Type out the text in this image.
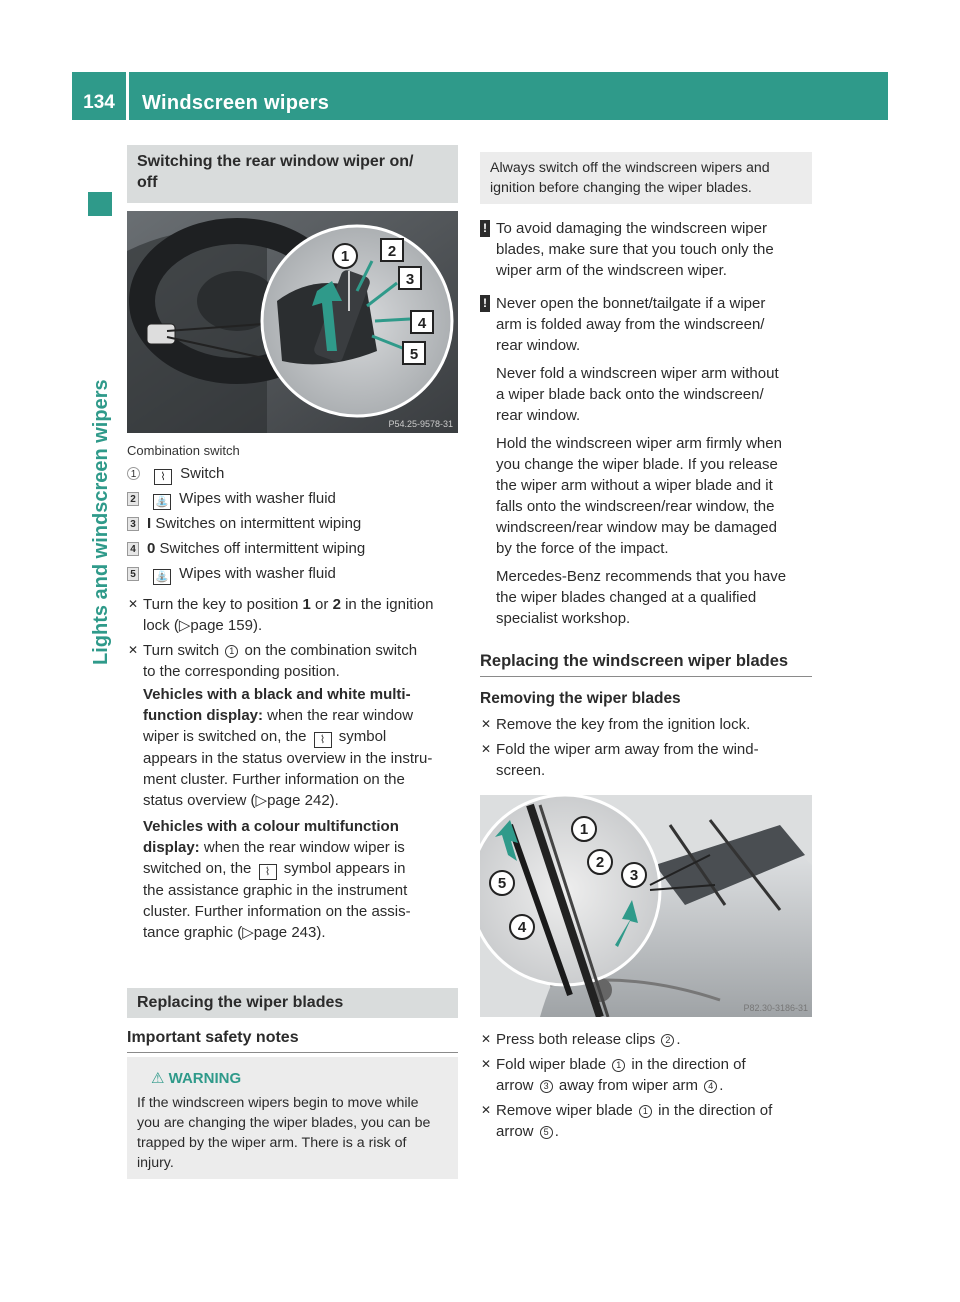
134	Windscreen wipers
Lights and windscreen wipers
Switching the rear window wiper on/
off
1	2
3
4
5
P54.25-9578-31
Combination switch
1 ⌇ Switch
2 ⛲ Wipes with washer fluid
3 I Switches on intermittent wiping
4 0 Switches off intermittent wiping
5 ⛲ Wipes with washer fluid
✕ Turn the key to position 1 or 2 in the ignition
lock (▷page 159).
✕ Turn switch 1 on the combination switch
to the corresponding position.
Vehicles with a black and white multi-
function display: when the rear window
wiper is switched on, the ⌇ symbol
appears in the status overview in the instru-
ment cluster. Further information on the
status overview (▷page 242).
Vehicles with a colour multifunction
display: when the rear window wiper is
switched on, the ⌇ symbol appears in
the assistance graphic in the instrument
cluster. Further information on the assis-
tance graphic (▷page 243).
Replacing the wiper blades
Important safety notes
⚠ WARNING
If the windscreen wipers begin to move while
you are changing the wiper blades, you can be
trapped by the wiper arm. There is a risk of
injury.
Always switch off the windscreen wipers and
ignition before changing the wiper blades.
! To avoid damaging the windscreen wiper
blades, make sure that you touch only the
wiper arm of the windscreen wiper.
! Never open the bonnet/tailgate if a wiper
arm is folded away from the windscreen/
rear window.
Never fold a windscreen wiper arm without
a wiper blade back onto the windscreen/
rear window.
Hold the windscreen wiper arm firmly when
you change the wiper blade. If you release
the wiper arm without a wiper blade and it
falls onto the windscreen/rear window, the
windscreen/rear window may be damaged
by the force of the impact.
Mercedes-Benz recommends that you have
the wiper blades changed at a qualified
specialist workshop.
Replacing the windscreen wiper blades
Removing the wiper blades
✕ Remove the key from the ignition lock.
✕ Fold the wiper arm away from the wind-
screen.
1
2
3
4
5
P82.30-3186-31
✕ Press both release clips 2 .
✕ Fold wiper blade 1 in the direction of
arrow 3 away from wiper arm 4 .
✕ Remove wiper blade 1 in the direction of
arrow 5 .
